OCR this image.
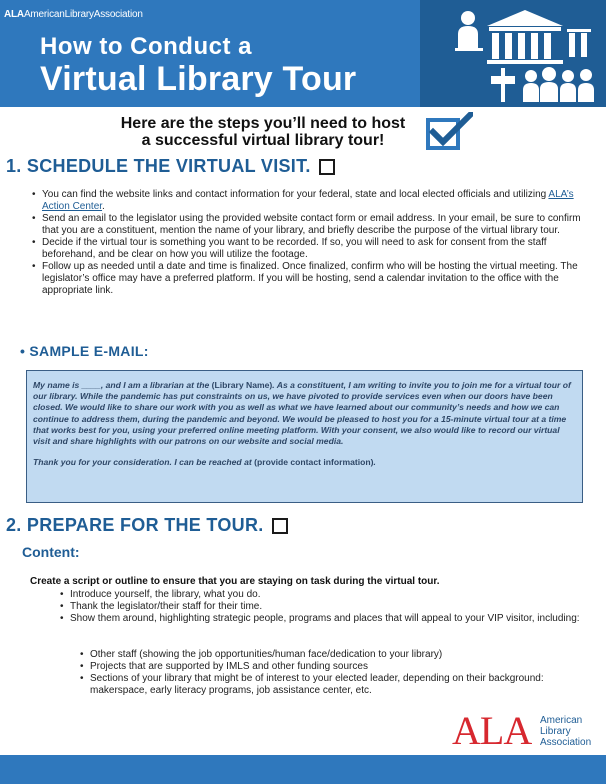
ALAAmericanLibraryAssociation
How to Conduct a
Virtual Library Tour
Here are the steps you’ll need to host
a successful virtual library tour!
1. SCHEDULE THE VIRTUAL VISIT.
• You can find the website links and contact information for your federal, state and local elected officials and utilizing ALA’s Action Center.
• Send an email to the legislator using the provided website contact form or email address. In your email, be sure to confirm that you are a constituent, mention the name of your library, and briefly describe the purpose of the virtual library tour.
• Decide if the virtual tour is something you want to be recorded. If so, you will need to ask for consent from the staff beforehand, and be clear on how you will utilize the footage.
• Follow up as needed until a date and time is finalized. Once finalized, confirm who will be hosting the virtual meeting. The legislator’s office may have a preferred platform. If you will be hosting, send a calendar invitation to the office with the appropriate link.
• SAMPLE E-MAIL:

My name is ____, and I am a librarian at the (Library Name). As a constituent, I am writing to invite you to join me for a virtual tour of our library. While the pandemic has put constraints on us, we have pivoted to provide services even when our doors have been closed. We would like to share our work with you as well as what we have learned about our community’s needs and how we can continue to address them, during the pandemic and beyond. We would be pleased to host you for a 15-minute virtual tour at a time that works best for you, using your preferred online meeting platform. With your consent, we also would like to record our virtual visit and share highlights with our patrons on our website and social media.

Thank you for your consideration. I can be reached at (provide contact information).

2. PREPARE FOR THE TOUR.
Content:
Create a script or outline to ensure that you are staying on task during the virtual tour.
• Introduce yourself, the library, what you do.
• Thank the legislator/their staff for their time.
• Show them around, highlighting strategic people, programs and places that will appeal to your VIP visitor, including:
• Other staff (showing the job opportunities/human face/dedication to your library)
• Projects that are supported by IMLS and other funding sources
• Sections of your library that might be of interest to your elected leader, depending on their background: makerspace, early literacy programs, job assistance center, etc.
ALA American
Library
Association
